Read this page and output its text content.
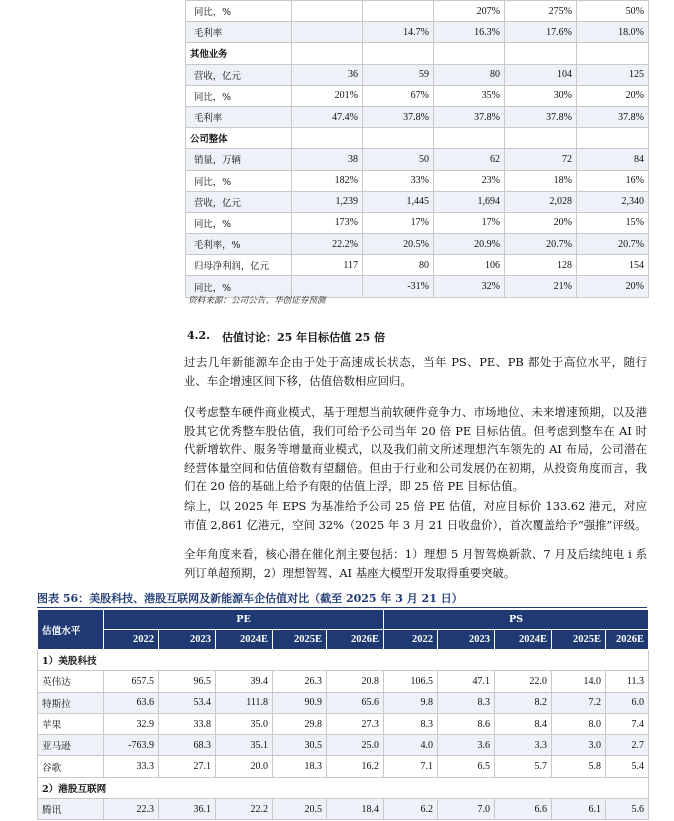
同比，%			207%	275%	50%
毛利率		14.7%	16.3%	17.6%	18.0%
其他业务					
营收，亿元	36	59	80	104	125
同比，%	201%	67%	35%	30%	20%
毛利率	47.4%	37.8%	37.8%	37.8%	37.8%
公司整体					
销量，万辆	38	50	62	72	84
同比，%	182%	33%	23%	18%	16%
营收，亿元	1,239	1,445	1,694	2,028	2,340
同比，%	173%	17%	17%	20%	15%
毛利率，%	22.2%	20.5%	20.9%	20.7%	20.7%
归母净利润，亿元	117	80	106	128	154
同比，%		-31%	32%	21%	20%
资料来源：公司公告、华创证券预测
4.2. 估值讨论：25 年目标估值 25 倍

过去几年新能源车企由于处于高速成长状态，当年 PS、PE、PB 都处于高位水平，随行业、车企增速区间下移，估值倍数相应回归。

仅考虑整车硬件商业模式，基于理想当前软硬件竞争力、市场地位、未来增速预期，以及港股其它优秀整车股估值，我们可给予公司当年 20 倍 PE 目标估值。但考虑到整车在 AI 时代新增软件、服务等增量商业模式，以及我们前文所述理想汽车领先的 AI 布局，公司潜在经营体量空间和估值倍数有望翻倍。但由于行业和公司发展仍在初期，从投资角度而言，我们在 20 倍的基础上给予有限的估值上浮，即 25 倍 PE 目标估值。

综上，以 2025 年 EPS 为基准给予公司 25 倍 PE 估值，对应目标价 133.62 港元，对应市值 2,861 亿港元，空间 32%（2025 年 3 月 21 日收盘价），首次覆盖给予“强推”评级。

全年角度来看，核心潜在催化剂主要包括：1）理想 5 月智驾焕新款、7 月及后续纯电 i 系列订单超预期，2）理想智驾、AI 基座大模型开发取得重要突破。

图表 56：美股科技、港股互联网及新能源车企估值对比（截至 2025 年 3 月 21 日）
估值水平	PE					PS				
	2022	2023	2024E	2025E	2026E	2022	2023	2024E	2025E	2026E
1）美股科技										
英伟达	657.5	96.5	39.4	26.3	20.8	106.5	47.1	22.0	14.0	11.3
特斯拉	63.6	53.4	111.8	90.9	65.6	9.8	8.3	8.2	7.2	6.0
苹果	32.9	33.8	35.0	29.8	27.3	8.3	8.6	8.4	8.0	7.4
亚马逊	-763.9	68.3	35.1	30.5	25.0	4.0	3.6	3.3	3.0	2.7
谷歌	33.3	27.1	20.0	18.3	16.2	7.1	6.5	5.7	5.8	5.4
2）港股互联网										
腾讯	22.3	36.1	22.2	20.5	18.4	6.2	7.0	6.6	6.1	5.6
